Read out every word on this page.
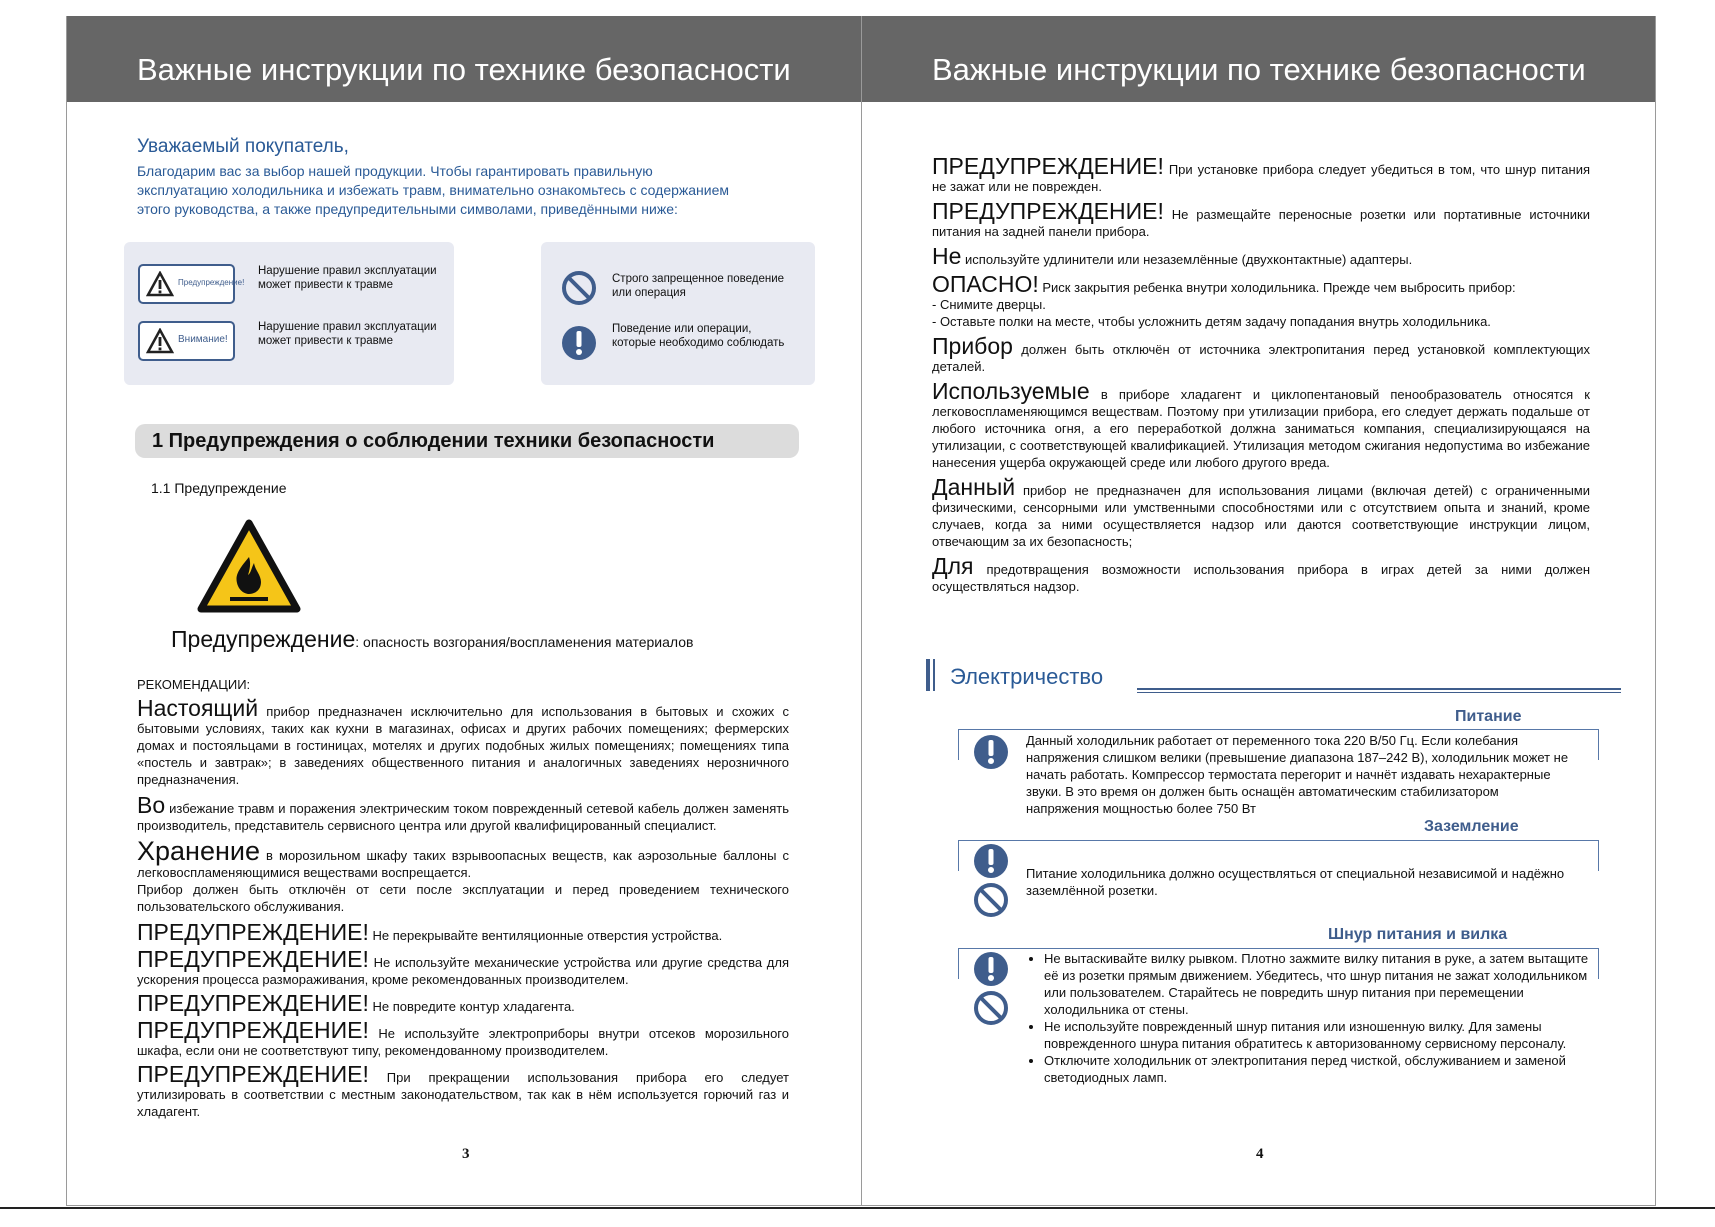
Важные инструкции по технике безопасности
Уважаемый покупатель,
Благодарим вас за выбор нашей продукции. Чтобы гарантировать правильную эксплуатацию холодильника и избежать травм, внимательно ознакомьтесь с содержанием этого руководства, а также предупредительными символами, приведёнными ниже:
Предупреждение!
Нарушение правил эксплуатации может привести к травме
Внимание!
Нарушение правил эксплуатации может привести к травме
Строго запрещенное поведение или операция
Поведение или операции, которые необходимо соблюдать
1 Предупреждения о соблюдении техники безопасности
1.1 Предупреждение
Предупреждение: опасность возгорания/воспламенения материалов
РЕКОМЕНДАЦИИ:

Настоящий прибор предназначен исключительно для использования в бытовых и схожих с бытовыми условиях, таких как кухни в магазинах, офисах и других рабочих помещениях; фермерских домах и постояльцами в гостиницах, мотелях и других подобных жилых помещениях; помещениях типа «постель и завтрак»; в заведениях общественного питания и аналогичных заведениях нерозничного предназначения.

Во избежание травм и поражения электрическим током поврежденный сетевой кабель должен заменять производитель, представитель сервисного центра или другой квалифицированный специалист.

Хранение в морозильном шкафу таких взрывоопасных веществ, как аэрозольные баллоны с легковоспламеняющимися веществами воспрещается.

Прибор должен быть отключён от сети после эксплуатации и перед проведением технического пользовательского обслуживания.

ПРЕДУПРЕЖДЕНИЕ! Не перекрывайте вентиляционные отверстия устройства.

ПРЕДУПРЕЖДЕНИЕ! Не используйте механические устройства или другие средства для ускорения процесса размораживания, кроме рекомендованных производителем.

ПРЕДУПРЕЖДЕНИЕ! Не повредите контур хладагента.

ПРЕДУПРЕЖДЕНИЕ! Не используйте электроприборы внутри отсеков морозильного шкафа, если они не соответствуют типу, рекомендованному производителем.

ПРЕДУПРЕЖДЕНИЕ! При прекращении использования прибора его следует утилизировать в соответствии с местным законодательством, так как в нём используется горючий газ и хладагент.

3
Важные инструкции по технике безопасности

ПРЕДУПРЕЖДЕНИЕ! При установке прибора следует убедиться в том, что шнур питания не зажат или не поврежден.

ПРЕДУПРЕЖДЕНИЕ! Не размещайте переносные розетки или портативные источники питания на задней панели прибора.

Не используйте удлинители или незаземлённые (двухконтактные) адаптеры.

ОПАСНО! Риск закрытия ребенка внутри холодильника. Прежде чем выбросить прибор:

- Снимите дверцы.

- Оставьте полки на месте, чтобы усложнить детям задачу попадания внутрь холодильника.

Прибор должен быть отключён от источника электропитания перед установкой комплектующих деталей.

Используемые в приборе хладагент и циклопентановый пенообразователь относятся к легковоспламеняющимся веществам. Поэтому при утилизации прибора, его следует держать подальше от любого источника огня, а его переработкой должна заниматься компания, специализирующаяся на утилизации, с соответствующей квалификацией. Утилизация методом сжигания недопустима во избежание нанесения ущерба окружающей среде или любого другого вреда.

Данный прибор не предназначен для использования лицами (включая детей) с ограниченными физическими, сенсорными или умственными способностями или с отсутствием опыта и знаний, кроме случаев, когда за ними осуществляется надзор или даются соответствующие инструкции лицом, отвечающим за их безопасность;

Для предотвращения возможности использования прибора в играх детей за ними должен осуществляться надзор.

Электричество
Питание
Данный холодильник работает от переменного тока 220 В/50 Гц. Если колебания напряжения слишком велики (превышение диапазона 187–242 В), холодильник может не начать работать. Компрессор термостата перегорит и начнёт издавать нехарактерные звуки. В это время он должен быть оснащён автоматическим стабилизатором напряжения мощностью более 750 Вт
Заземление
Питание холодильника должно осуществляться от специальной независимой и надёжно заземлённой розетки.
Шнур питания и вилка
• Не вытаскивайте вилку рывком. Плотно зажмите вилку питания в руке, а затем вытащите её из розетки прямым движением. Убедитесь, что шнур питания не зажат холодильником или пользователем. Старайтесь не повредить шнур питания при перемещении холодильника от стены.
• Не используйте поврежденный шнур питания или изношенную вилку. Для замены поврежденного шнура питания обратитесь к авторизованному сервисному персоналу.
• Отключите холодильник от электропитания перед чисткой, обслуживанием и заменой светодиодных ламп.
4
